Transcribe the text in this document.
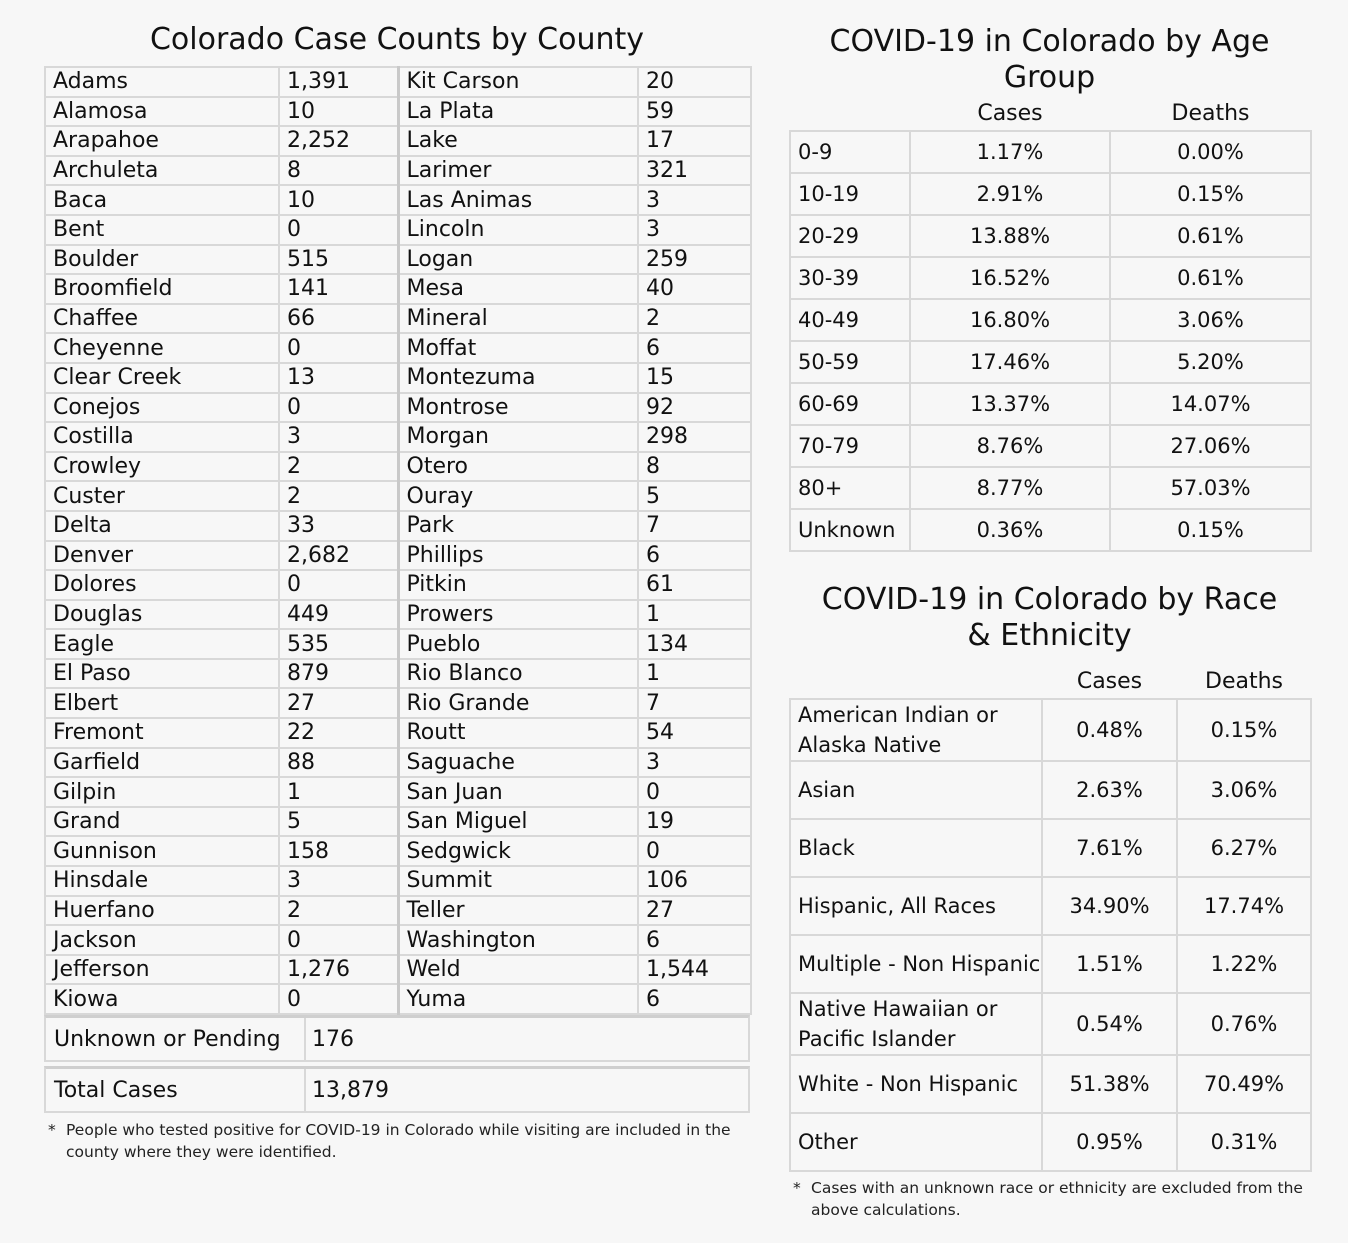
Colorado Case Counts by County
Adams	1,391	Kit Carson	20
Alamosa	10	La Plata	59
Arapahoe	2,252	Lake	17
Archuleta	8	Larimer	321
Baca	10	Las Animas	3
Bent	0	Lincoln	3
Boulder	515	Logan	259
Broomfield	141	Mesa	40
Chaffee	66	Mineral	2
Cheyenne	0	Moffat	6
Clear Creek	13	Montezuma	15
Conejos	0	Montrose	92
Costilla	3	Morgan	298
Crowley	2	Otero	8
Custer	2	Ouray	5
Delta	33	Park	7
Denver	2,682	Phillips	6
Dolores	0	Pitkin	61
Douglas	449	Prowers	1
Eagle	535	Pueblo	134
El Paso	879	Rio Blanco	1
Elbert	27	Rio Grande	7
Fremont	22	Routt	54
Garfield	88	Saguache	3
Gilpin	1	San Juan	0
Grand	5	San Miguel	19
Gunnison	158	Sedgwick	0
Hinsdale	3	Summit	106
Huerfano	2	Teller	27
Jackson	0	Washington	6
Jefferson	1,276	Weld	1,544
Kiowa	0	Yuma	6
Unknown or Pending	176
Total Cases	13,879
* People who tested positive for COVID-19 in Colorado while visiting are included in the county where they were identified.
COVID-19 in Colorado by Age Group
	Cases	Deaths
0-9	1.17%	0.00%
10-19	2.91%	0.15%
20-29	13.88%	0.61%
30-39	16.52%	0.61%
40-49	16.80%	3.06%
50-59	17.46%	5.20%
60-69	13.37%	14.07%
70-79	8.76%	27.06%
80+	8.77%	57.03%
Unknown	0.36%	0.15%
COVID-19 in Colorado by Race & Ethnicity
	Cases	Deaths
American Indian or Alaska Native	0.48%	0.15%
Asian	2.63%	3.06%
Black	7.61%	6.27%
Hispanic, All Races	34.90%	17.74%
Multiple - Non Hispanic	1.51%	1.22%
Native Hawaiian or Pacific Islander	0.54%	0.76%
White - Non Hispanic	51.38%	70.49%
Other	0.95%	0.31%
* Cases with an unknown race or ethnicity are excluded from the above calculations.
